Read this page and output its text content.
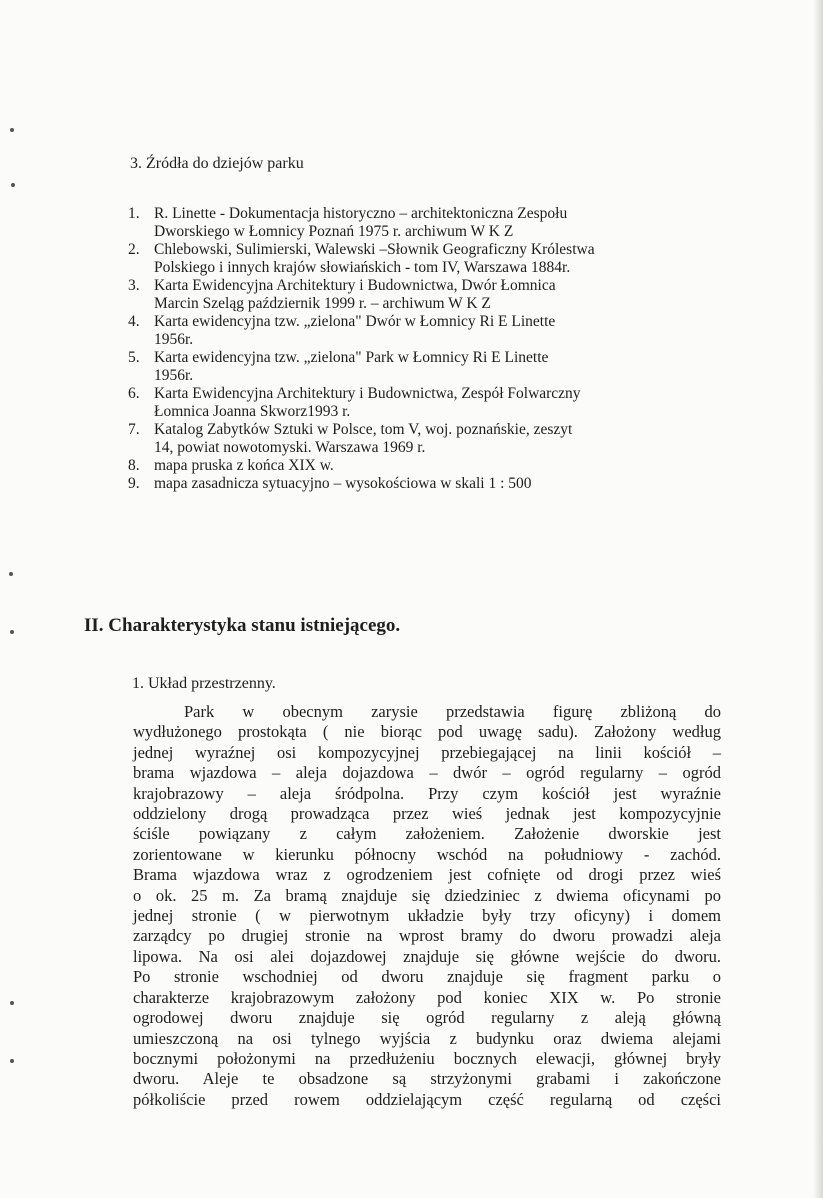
3. Źródła do dziejów parku
1. R. Linette - Dokumentacja historyczno – architektoniczna Zespołu
Dworskiego w Łomnicy Poznań 1975 r. archiwum W K Z
2. Chlebowski, Sulimierski, Walewski –Słownik Geograficzny Królestwa
Polskiego i innych krajów słowiańskich - tom IV, Warszawa 1884r.
3. Karta Ewidencyjna Architektury i Budownictwa, Dwór Łomnica
Marcin Szeląg październik 1999 r. – archiwum W K Z
4. Karta ewidencyjna tzw. „zielona" Dwór w Łomnicy Ri E Linette
1956r.
5. Karta ewidencyjna tzw. „zielona" Park w Łomnicy Ri E Linette
1956r.
6. Karta Ewidencyjna Architektury i Budownictwa, Zespół Folwarczny
Łomnica Joanna Skworz1993 r.
7. Katalog Zabytków Sztuki w Polsce, tom V, woj. poznańskie, zeszyt
14, powiat nowotomyski. Warszawa 1969 r.
8. mapa pruska z końca XIX w.
9. mapa zasadnicza sytuacyjno – wysokościowa w skali 1 : 500
II. Charakterystyka stanu istniejącego.
1. Układ przestrzenny.
Park w obecnym zarysie przedstawia figurę zbliżoną do
wydłużonego prostokąta ( nie biorąc pod uwagę sadu). Założony według
jednej wyraźnej osi kompozycyjnej przebiegającej na linii kościół –
brama wjazdowa – aleja dojazdowa – dwór – ogród regularny – ogród
krajobrazowy – aleja śródpolna. Przy czym kościół jest wyraźnie
oddzielony drogą prowadząca przez wieś jednak jest kompozycyjnie
ściśle powiązany z całym założeniem. Założenie dworskie jest
zorientowane w kierunku północny wschód na południowy - zachód.
Brama wjazdowa wraz z ogrodzeniem jest cofnięte od drogi przez wieś
o ok. 25 m. Za bramą znajduje się dziedziniec z dwiema oficynami po
jednej stronie ( w pierwotnym układzie były trzy oficyny) i domem
zarządcy po drugiej stronie na wprost bramy do dworu prowadzi aleja
lipowa. Na osi alei dojazdowej znajduje się główne wejście do dworu.
Po stronie wschodniej od dworu znajduje się fragment parku o
charakterze krajobrazowym założony pod koniec XIX w. Po stronie
ogrodowej dworu znajduje się ogród regularny z aleją główną
umieszczoną na osi tylnego wyjścia z budynku oraz dwiema alejami
bocznymi położonymi na przedłużeniu bocznych elewacji, głównej bryły
dworu. Aleje te obsadzone są strzyżonymi grabami i zakończone
półkoliście przed rowem oddzielającym część regularną od części
